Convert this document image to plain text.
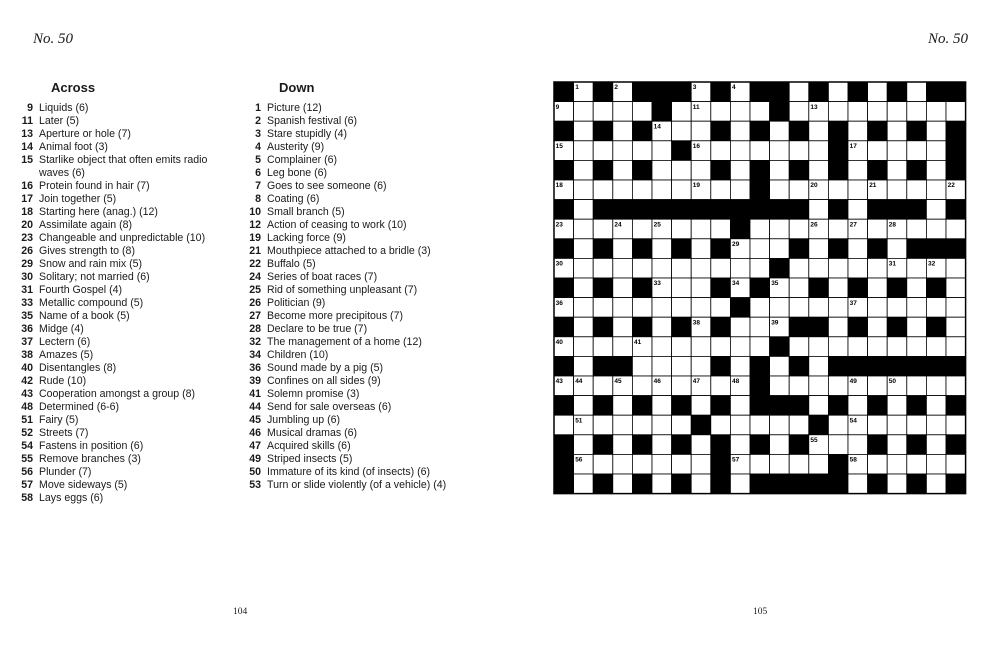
No. 50	No. 50
Across	Down
9 Liquids (6)
11 Later (5)
13 Aperture or hole (7)
14 Animal foot (3)
15 Starlike object that often emits radio waves (6)
16 Protein found in hair (7)
17 Join together (5)
18 Starting here (anag.) (12)
20 Assimilate again (8)
23 Changeable and unpredictable (10)
26 Gives strength to (8)
29 Snow and rain mix (5)
30 Solitary; not married (6)
31 Fourth Gospel (4)
33 Metallic compound (5)
35 Name of a book (5)
36 Midge (4)
37 Lectern (6)
38 Amazes (5)
40 Disentangles (8)
42 Rude (10)
43 Cooperation amongst a group (8)
48 Determined (6-6)
51 Fairy (5)
52 Streets (7)
54 Fastens in position (6)
55 Remove branches (3)
56 Plunder (7)
57 Move sideways (5)
58 Lays eggs (6)
1 Picture (12)
2 Spanish festival (6)
3 Stare stupidly (4)
4 Austerity (9)
5 Complainer (6)
6 Leg bone (6)
7 Goes to see someone (6)
8 Coating (6)
10 Small branch (5)
12 Action of ceasing to work (10)
19 Lacking force (9)
21 Mouthpiece attached to a bridle (3)
22 Buffalo (5)
24 Series of boat races (7)
25 Rid of something unpleasant (7)
26 Politician (9)
27 Become more precipitous (7)
28 Declare to be true (7)
32 The management of a home (12)
34 Children (10)
36 Sound made by a pig (5)
39 Confines on all sides (9)
41 Solemn promise (3)
44 Send for sale overseas (6)
45 Jumbling up (6)
46 Musical dramas (6)
47 Acquired skills (6)
49 Striped insects (5)
50 Immature of its kind (of insects) (6)
53 Turn or slide violently (of a vehicle) (4)
104	105
1	2	3	4	5	6	7	8
9	10	11	12	13
14
15	16	17
18	19	20	21	22
23	24	25	26	27	28
29
30	31	32
33	34	35
36	37
38	39
40	41	42
43 44	45	46	47	48	49	50
51	52	53	54
55
56	57	58
